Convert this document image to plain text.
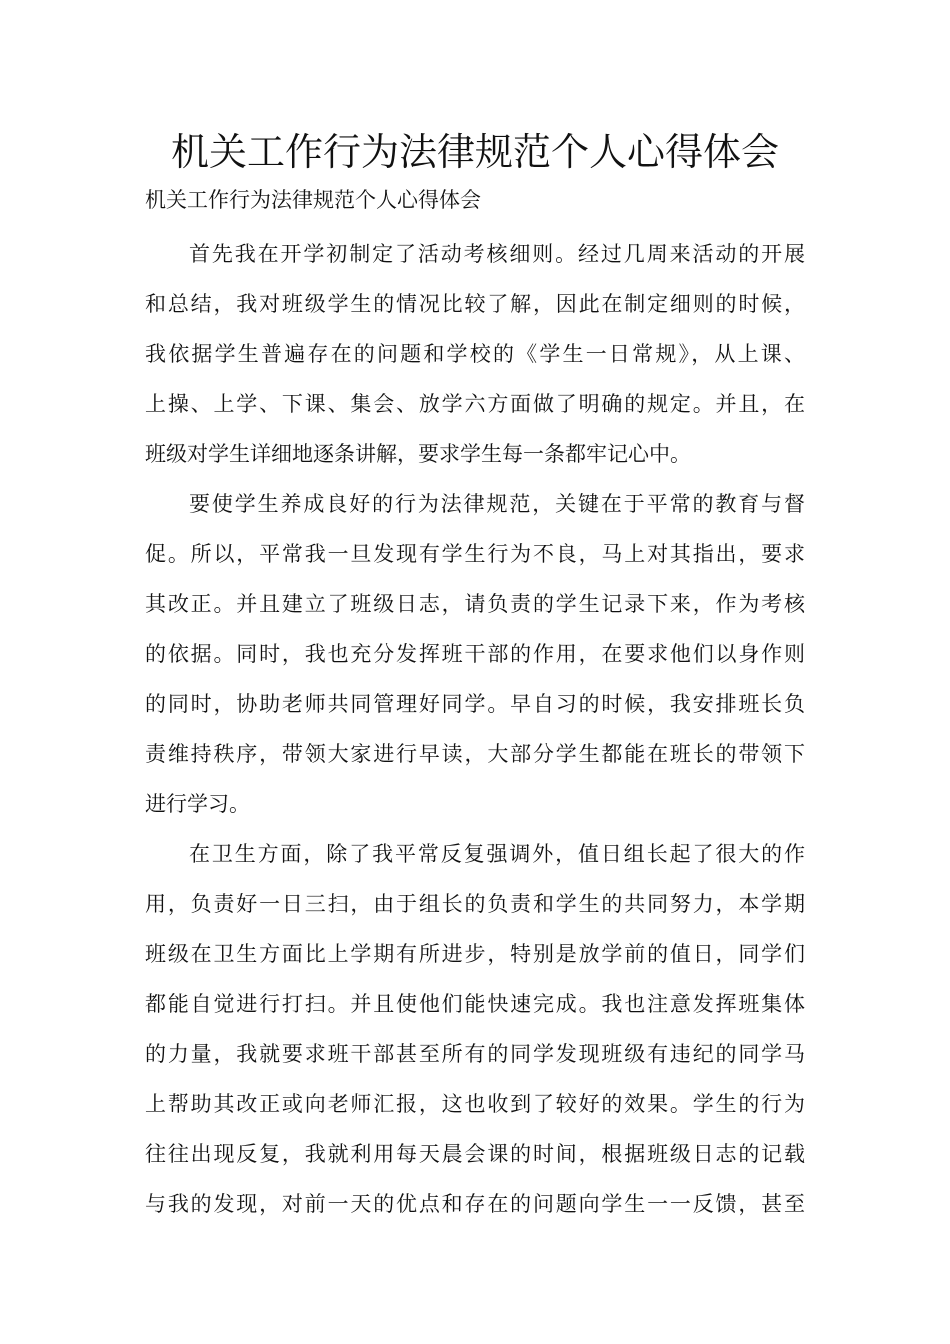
机关工作行为法律规范个人心得体会
机关工作行为法律规范个人心得体会
首先我在开学初制定了活动考核细则。经过几周来活动的开展
和总结，我对班级学生的情况比较了解，因此在制定细则的时候，
我依据学生普遍存在的问题和学校的《学生一日常规》，从上课、
上操、上学、下课、集会、放学六方面做了明确的规定。并且，在
班级对学生详细地逐条讲解，要求学生每一条都牢记心中。
要使学生养成良好的行为法律规范，关键在于平常的教育与督
促。所以，平常我一旦发现有学生行为不良，马上对其指出，要求
其改正。并且建立了班级日志，请负责的学生记录下来，作为考核
的依据。同时，我也充分发挥班干部的作用，在要求他们以身作则
的同时，协助老师共同管理好同学。早自习的时候，我安排班长负
责维持秩序，带领大家进行早读，大部分学生都能在班长的带领下
进行学习。
在卫生方面，除了我平常反复强调外，值日组长起了很大的作
用，负责好一日三扫，由于组长的负责和学生的共同努力，本学期
班级在卫生方面比上学期有所进步，特别是放学前的值日，同学们
都能自觉进行打扫。并且使他们能快速完成。我也注意发挥班集体
的力量，我就要求班干部甚至所有的同学发现班级有违纪的同学马
上帮助其改正或向老师汇报，这也收到了较好的效果。学生的行为
往往出现反复，我就利用每天晨会课的时间，根据班级日志的记载
与我的发现，对前一天的优点和存在的问题向学生一一反馈，甚至
